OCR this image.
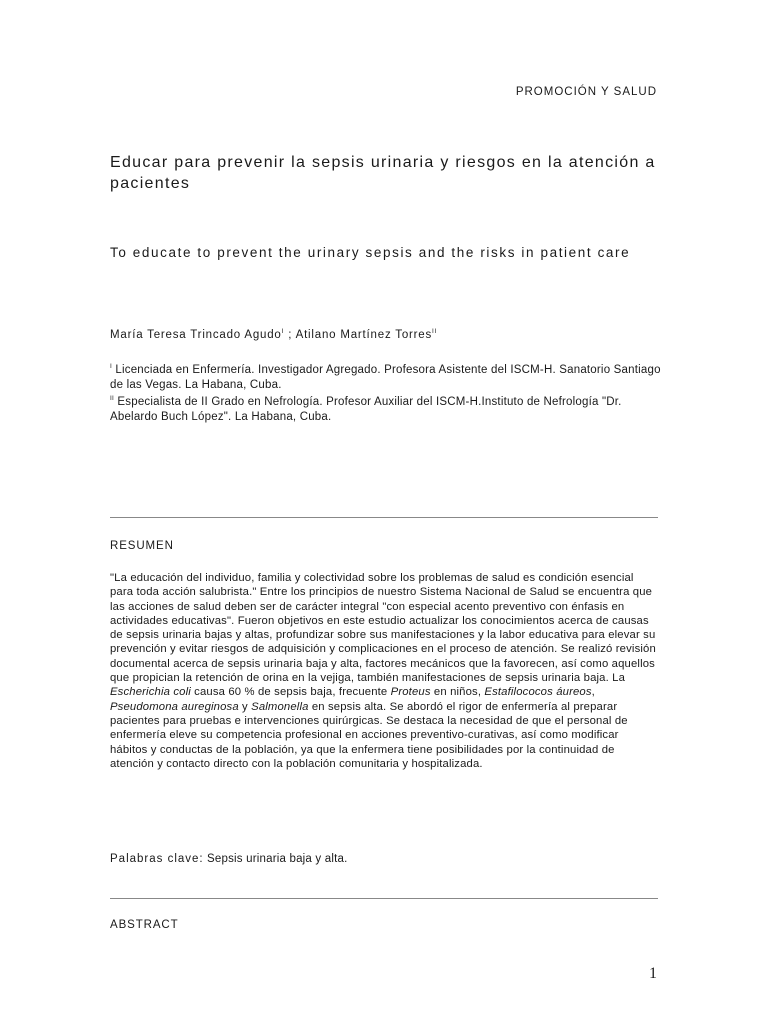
PROMOCIÓN Y SALUD
Educar para prevenir la sepsis urinaria y riesgos en la atención a pacientes
To educate to prevent the urinary sepsis and the risks in patient care
María Teresa Trincado Agudo$^I$ ; Atilano Martínez Torres$^{II}$

$^I$ Licenciada en Enfermería. Investigador Agregado. Profesora Asistente del ISCM-H. Sanatorio Santiago de las Vegas. La Habana, Cuba.

$^{II}$ Especialista de II Grado en Nefrología. Profesor Auxiliar del ISCM-H.Instituto de Nefrología "Dr. Abelardo Buch López". La Habana, Cuba.

RESUMEN
"La educación del individuo, familia y colectividad sobre los problemas de salud es condición esencial para toda acción salubrista." Entre los principios de nuestro Sistema Nacional de Salud se encuentra que las acciones de salud deben ser de carácter integral "con especial acento preventivo con énfasis en actividades educativas". Fueron objetivos en este estudio actualizar los conocimientos acerca de causas de sepsis urinaria bajas y altas, profundizar sobre sus manifestaciones y la labor educativa para elevar su prevención y evitar riesgos de adquisición y complicaciones en el proceso de atención. Se realizó revisión documental acerca de sepsis urinaria baja y alta, factores mecánicos que la favorecen, así como aquellos que propician la retención de orina en la vejiga, también manifestaciones de sepsis urinaria baja. La Escherichia coli causa 60 % de sepsis baja, frecuente Proteus en niños, Estafilococos áureos, Pseudomona aureginosa y Salmonella en sepsis alta. Se abordó el rigor de enfermería al preparar pacientes para pruebas e intervenciones quirúrgicas. Se destaca la necesidad de que el personal de enfermería eleve su competencia profesional en acciones preventivo-curativas, así como modificar hábitos y conductas de la población, ya que la enfermera tiene posibilidades por la continuidad de atención y contacto directo con la población comunitaria y hospitalizada.
Palabras clave: Sepsis urinaria baja y alta.
ABSTRACT
1
